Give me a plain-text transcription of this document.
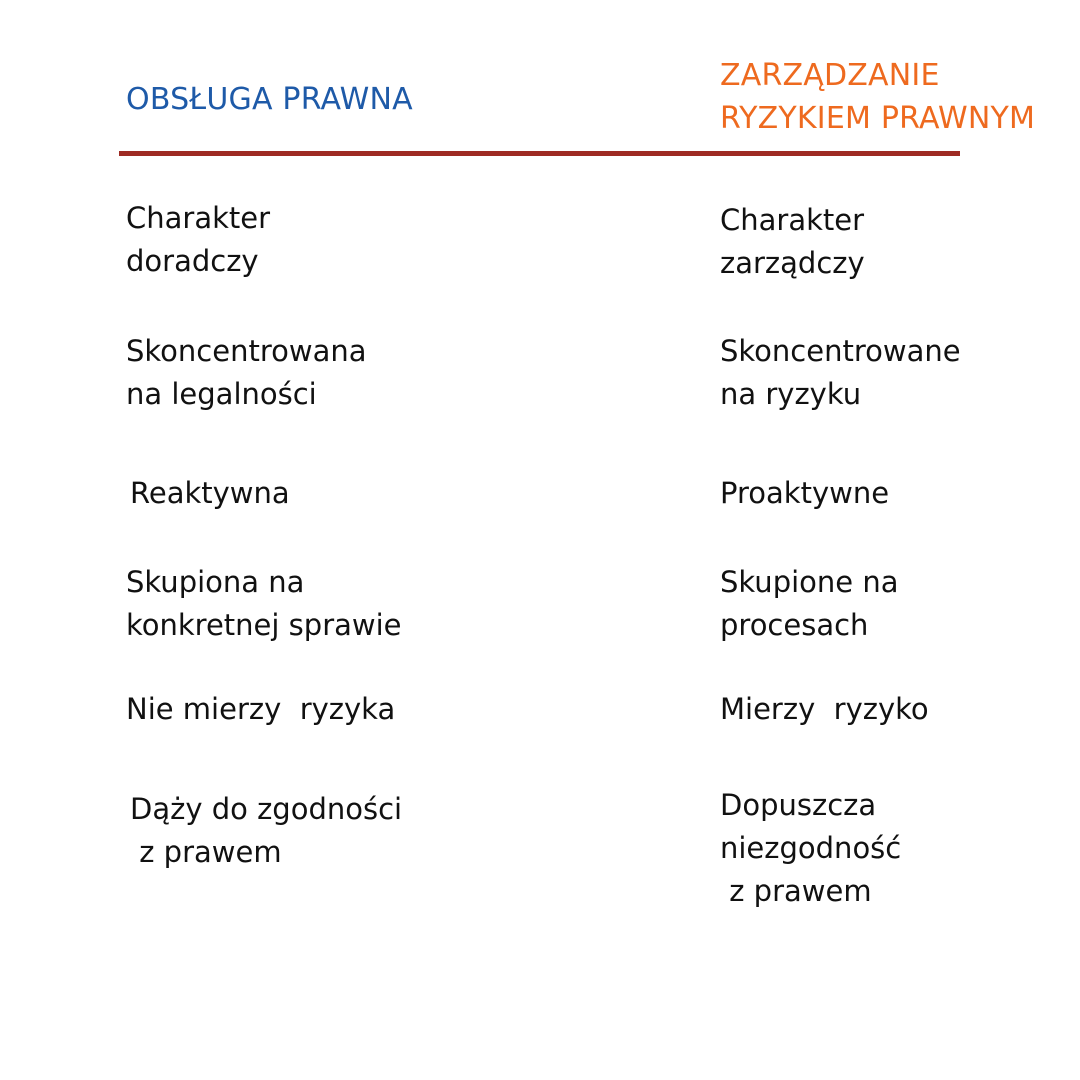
OBSŁUGA PRAWNA
ZARZĄDZANIE
RYZYKIEM PRAWNYM

Charakter
doradczy

Charakter
zarządczy

Skoncentrowana
na legalności

Skoncentrowane
na ryzyku

Reaktywna	Proaktywne

Skupiona na
konkretnej sprawie

Skupione na
procesach

Nie mierzy  ryzyka	Mierzy  ryzyko

Dąży do zgodności
z prawem

Dopuszcza
niezgodność
z prawem
